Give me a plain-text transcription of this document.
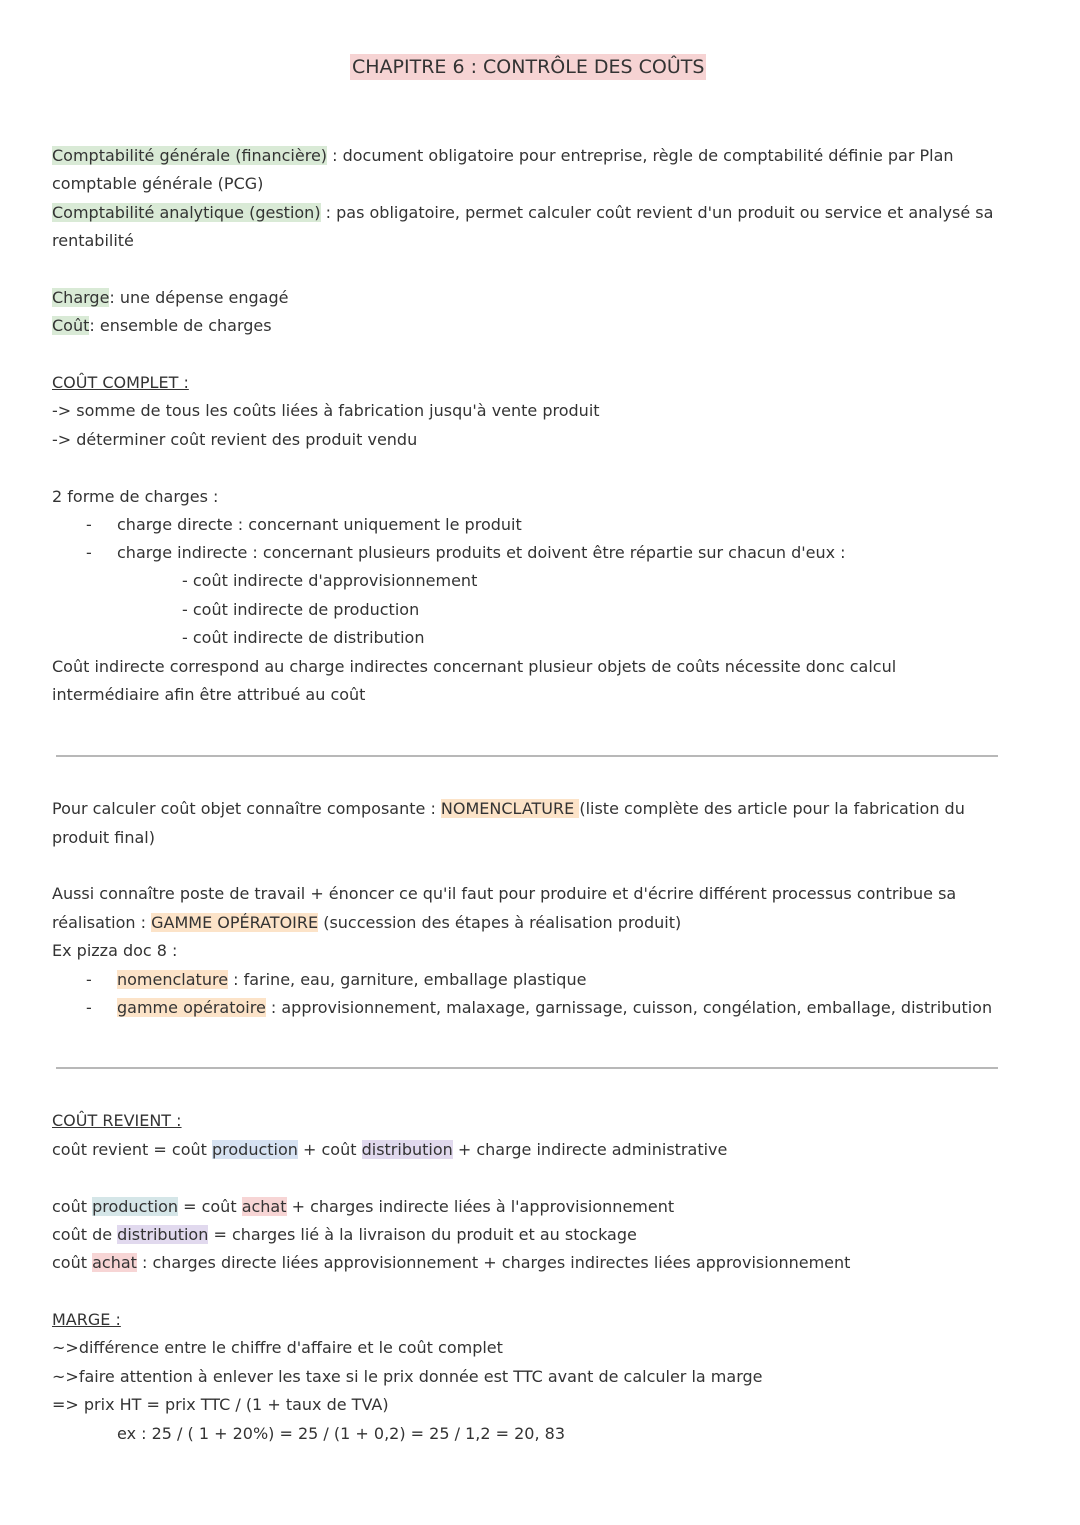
CHAPITRE 6 : CONTRÔLE DES COÛTS
Comptabilité générale (financière) : document obligatoire pour entreprise, règle de comptabilité définie par Plan
comptable générale (PCG)
Comptabilité analytique (gestion) : pas obligatoire, permet calculer coût revient d'un produit ou service et analysé sa
rentabilité
Charge: une dépense engagé
Coût: ensemble de charges
COÛT COMPLET :
-> somme de tous les coûts liées à fabrication jusqu'à vente produit
-> déterminer coût revient des produit vendu
2 forme de charges :
- charge directe : concernant uniquement le produit
- charge indirecte : concernant plusieurs produits et doivent être répartie sur chacun d'eux :
- coût indirecte d'approvisionnement
- coût indirecte de production
- coût indirecte de distribution
Coût indirecte correspond au charge indirectes concernant plusieur objets de coûts nécessite donc calcul
intermédiaire afin être attribué au coût
Pour calculer coût objet connaître composante : NOMENCLATURE (liste complète des article pour la fabrication du
produit final)
Aussi connaître poste de travail + énoncer ce qu'il faut pour produire et d'écrire différent processus contribue sa
réalisation : GAMME OPÉRATOIRE (succession des étapes à réalisation produit)
Ex pizza doc 8 :
- nomenclature : farine, eau, garniture, emballage plastique
- gamme opératoire : approvisionnement, malaxage, garnissage, cuisson, congélation, emballage, distribution
COÛT REVIENT :
coût revient = coût production + coût distribution + charge indirecte administrative
coût production = coût achat + charges indirecte liées à l'approvisionnement
coût de distribution = charges lié à la livraison du produit et au stockage
coût achat : charges directe liées approvisionnement + charges indirectes liées approvisionnement
MARGE :
~>différence entre le chiffre d'affaire et le coût complet
~>faire attention à enlever les taxe si le prix donnée est TTC avant de calculer la marge
=> prix HT = prix TTC / (1 + taux de TVA)
ex : 25 / ( 1 + 20%) = 25 / (1 + 0,2) = 25 / 1,2 = 20, 83
